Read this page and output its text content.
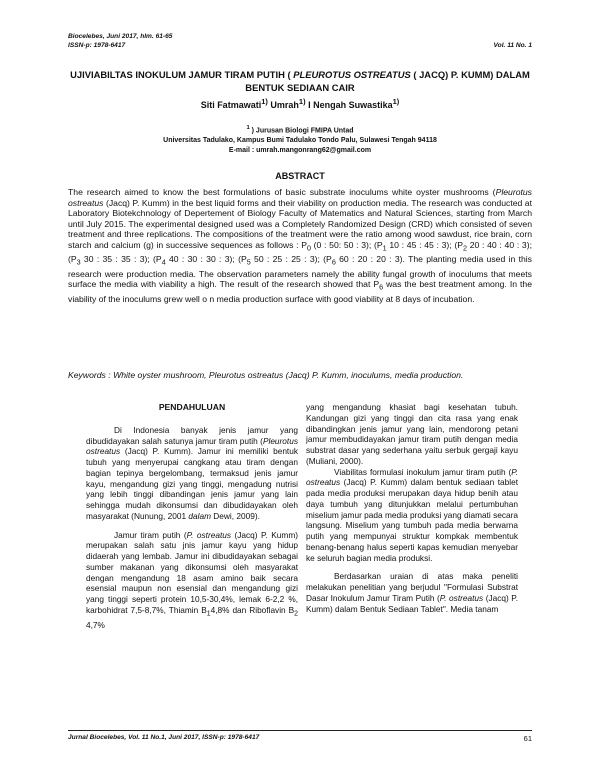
Biocelebes, Juni 2017, hlm. 61-65
ISSN-p: 1978-6417	Vol. 11 No. 1
UJIVIABILTAS INOKULUM JAMUR TIRAM PUTIH ( PLEUROTUS OSTREATUS ( JACQ) P. KUMM) DALAM BENTUK SEDIAAN CAIR
Siti Fatmawati$^{1)}$ Umrah$^{1)}$ I Nengah Suwastika$^{1)}$
$^1$ ) Jurusan Biologi FMIPA Untad
Universitas Tadulako, Kampus Bumi Tadulako Tondo Palu, Sulawesi Tengah 94118
E-mail : umrah.mangonrang62@gmail.com
ABSTRACT
The research aimed to know the best formulations of basic substrate inoculums white oyster mushrooms (Pleurotus ostreatus (Jacq) P. Kumm) in the best liquid forms and their viability on production media. The research was conducted at Laboratory Biotekchnology of Depertement of Biology Faculty of Matematics and Natural Sciences, starting from March until July 2015. The experimental designed used was a Completely Randomized Design (CRD) which consisted of seven treatment and three replications. The compositions of the treatment were the ratio among wood sawdust, rice brain, corn starch and calcium (g) in successive sequences as follows : $P_0$ (0 : 50: 50 : 3); ($P_1$ 10 : 45 : 45 : 3); ($P_2$ 20 : 40 : 40 : 3); ($P_3$ 30 : 35 : 35 : 3); ($P_4$ 40 : 30 : 30 : 3); ($P_5$ 50 : 25 : 25 : 3); ($P_6$ 60 : 20 : 20 : 3). The planting media used in this research were production media. The observation parameters namely the ability fungal growth of inoculums that meets surface the media with viability a high. The result of the research showed that $P_6$ was the best treatment among. In the viability of the inoculums grew well o n media production surface with good viability at 8 days of incubation.
Keywords : White oyster mushroom, Pleurotus ostreatus (Jacq) P. Kumm, inoculums, media production.
PENDAHULUAN

Di Indonesia banyak jenis jamur yang dibudidayakan salah satunya jamur tiram putih (Pleurotus ostreatus (Jacq) P. Kumm). Jamur ini memiliki bentuk tubuh yang menyerupai cangkang atau tiram dengan bagian tepinya bergelombang, termaksud jenis jamur kayu, mengandung gizi yang tinggi, mengadung nutrisi yang lebih tinggi dibandingan jenis jamur yang lain sehingga mudah dikonsumsi dan dibudidayakan oleh masyarakat (Nunung, 2001 dalam Dewi, 2009).

Jamur tiram putih (P. ostreatus (Jacq) P. Kumm) merupakan salah satu jnis jamur kayu yang hidup didaerah yang lembab. Jamur ini dibudidayakan sebagai sumber makanan yang dikonsumsi oleh masyarakat dengan mengandung 18 asam amino baik secara esensial maupun non esensial dan mengandung gizi yang tinggi seperti protein 10,5-30,4%, lemak 6-2,2 %, karbohidrat 7,5-8,7%, Thiamin $B_14,8\%$ dan Riboflavin $B_2$ 4,7%

yang mengandung khasiat bagi kesehatan tubuh. Kandungan gizi yang tinggi dan cita rasa yang enak dibandingkan jenis jamur yang lain, mendorong petani jamur membudidayakan jamur tiram putih dengan media substrat dasar yang sederhana yaitu serbuk gergaji kayu (Muliani, 2000).

Viabilitas formulasi inokulum jamur tiram putih (P. ostreatus (Jacq) P. Kumm) dalam bentuk sediaan tablet pada media produksi merupakan daya hidup benih atau daya tumbuh yang ditunjukkan melalui pertumbuhan miselium jamur pada media produksi yang diamati secara langsung. Miselium yang tumbuh pada media berwarna putih yang mempunyai struktur kompkak membentuk benang-benang halus seperti kapas kemudian menyebar ke seluruh bagian media produksi.

Berdasarkan uraian di atas maka peneliti melakukan penelitian yang berjudul "Formulasi Substrat Dasar Inokulum Jamur Tiram Putih (P. ostreatus (Jacq) P. Kumm) dalam Bentuk Sediaan Tablet". Media tanam

Jurnal Biocelebes, Vol. 11 No.1, Juni 2017, ISSN-p: 1978-6417	61
